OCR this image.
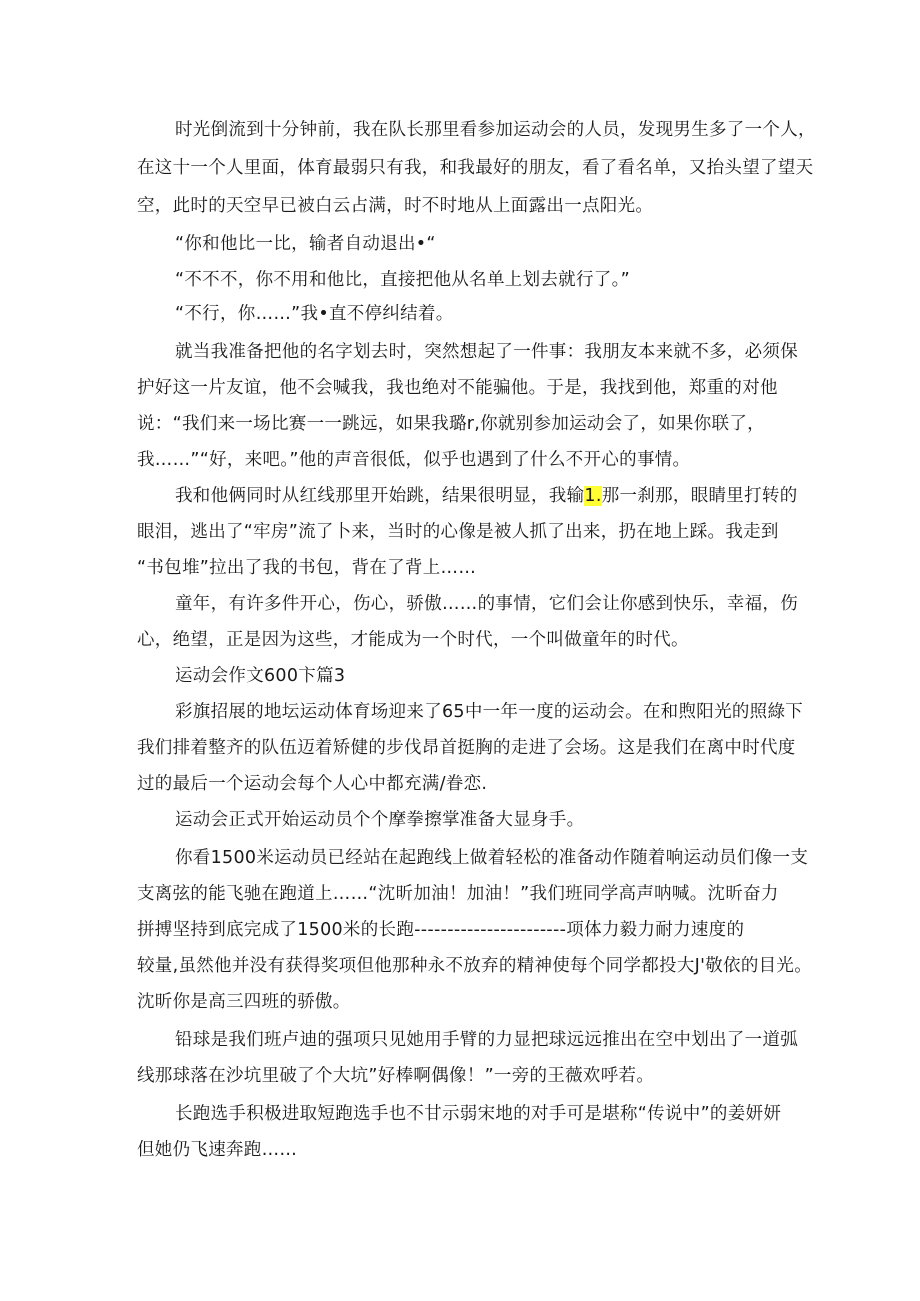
时光倒流到十分钟前，我在队长那里看参加运动会的人员，发现男生多了一个人，
在这十一个人里面，体育最弱只有我，和我最好的朋友，看了看名单，又抬头望了望天
空，此时的天空早已被白云占满，时不时地从上面露出一点阳光。
“你和他比一比，输者自动退出•“
“不不不，你不用和他比，直接把他从名单上划去就行了。”
“不行，你……”我•直不停纠结着。
就当我准备把他的名字划去时，突然想起了一件事：我朋友本来就不多，必须保
护好这一片友谊，他不会喊我，我也绝对不能骗他。于是，我找到他，郑重的对他
说：“我们来一场比赛一一跳远，如果我璐r,你就别参加运动会了，如果你联了，
我……”“好，来吧。”他的声音很低，似乎也遇到了什么不开心的事情。
我和他俩同时从红线那里开始跳，结果很明显，我输1.那一刹那，眼睛里打转的
眼泪，逃出了“牢房”流了卜来，当时的心像是被人抓了出来，扔在地上踩。我走到
“书包堆”拉出了我的书包，背在了背上……
童年，有许多件开心，伤心，骄傲……的事情，它们会让你感到快乐，幸福，伤
心，绝望，正是因为这些，才能成为一个时代，一个叫做童年的时代。
运动会作文600卞篇3
彩旗招展的地坛运动体育场迎来了65中一年一度的运动会。在和煦阳光的照綠下
我们排着整齐的队伍迈着矫健的步伐昂首挺胸的走进了会场。这是我们在离中时代度
过的最后一个运动会每个人心中都充满/眷恋.
运动会正式开始运动员个个摩拳擦掌准备大显身手。
你看1500米运动员已经站在起跑线上做着轻松的准备动作随着响运动员们像一支
支离弦的能飞驰在跑道上……“沈昕加油！加油！”我们班同学高声呐喊。沈昕奋力
拼搏坚持到底完成了1500米的长跑-----------------------项体力毅力耐力速度的
较量,虽然他并没有获得奖项但他那种永不放弃的精神使每个同学都投大J'敬依的目光。
沈昕你是高三四班的骄傲。
铅球是我们班卢迪的强项只见她用手臂的力显把球远远推出在空中划出了一道弧
线那球落在沙坑里破了个大坑”好棒啊偶像！”一旁的王薇欢呼若。
长跑选手积极进取短跑选手也不甘示弱宋地的对手可是堪称“传说中”的姜妍妍
但她仍飞速奔跑……
